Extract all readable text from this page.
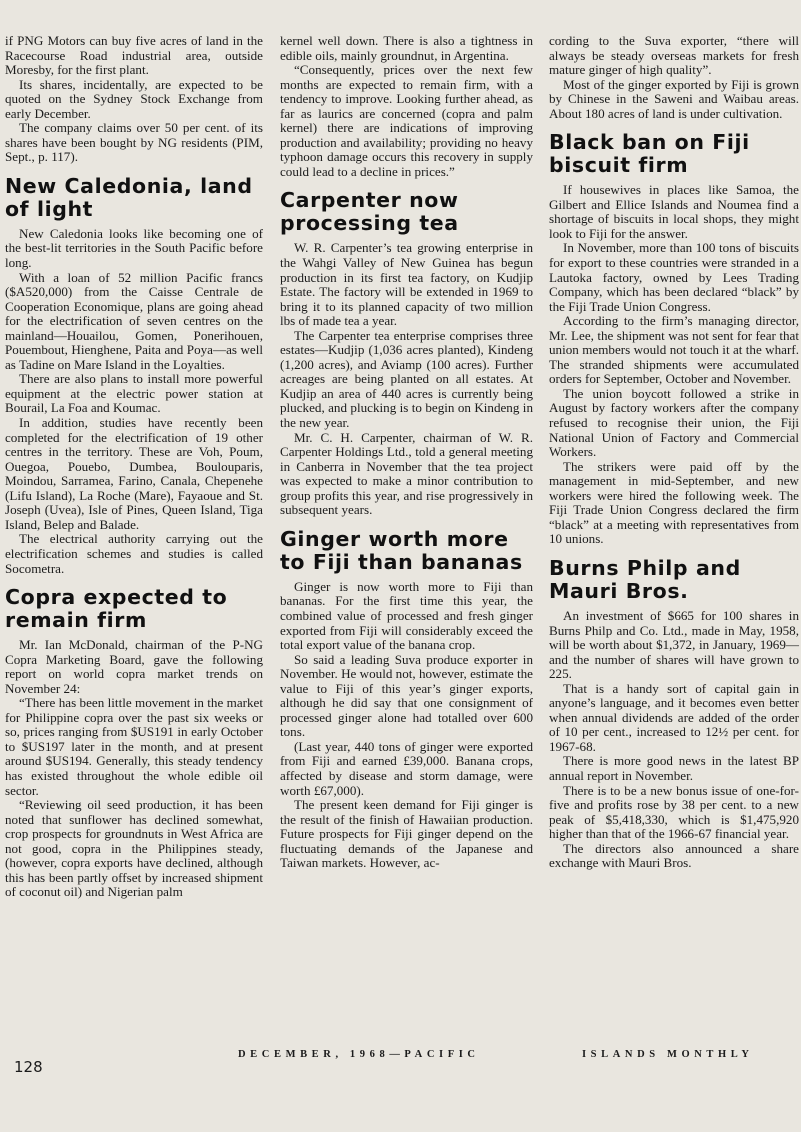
if PNG Motors can buy five acres of land in the Racecourse Road industrial area, outside Moresby, for the first plant.

Its shares, incidentally, are expected to be quoted on the Sydney Stock Exchange from early December.

The company claims over 50 per cent. of its shares have been bought by NG residents (PIM, Sept., p. 117).

New Caledonia, land of light

New Caledonia looks like becoming one of the best-lit territories in the South Pacific before long.

With a loan of 52 million Pacific francs ($A520,000) from the Caisse Centrale de Cooperation Economique, plans are going ahead for the electrification of seven centres on the mainland—Houailou, Gomen, Ponerihouen, Pouembout, Hienghene, Paita and Poya—as well as Tadine on Mare Island in the Loyalties.

There are also plans to install more powerful equipment at the electric power station at Bourail, La Foa and Koumac.

In addition, studies have recently been completed for the electrification of 19 other centres in the territory. These are Voh, Poum, Ouegoa, Pouebo, Dumbea, Boulouparis, Moindou, Sarramea, Farino, Canala, Chepenehe (Lifu Island), La Roche (Mare), Fayaoue and St. Joseph (Uvea), Isle of Pines, Queen Island, Tiga Island, Belep and Balade.

The electrical authority carrying out the electrification schemes and studies is called Socometra.

Copra expected to remain firm

Mr. Ian McDonald, chairman of the P-NG Copra Marketing Board, gave the following report on world copra market trends on November 24:

“There has been little movement in the market for Philippine copra over the past six weeks or so, prices ranging from $US191 in early October to $US197 later in the month, and at present around $US194. Generally, this steady tendency has existed throughout the whole edible oil sector.

“Reviewing oil seed production, it has been noted that sunflower has declined somewhat, crop prospects for groundnuts in West Africa are not good, copra in the Philippines steady, (however, copra exports have declined, although this has been partly offset by increased shipment of coconut oil) and Nigerian palm

kernel well down. There is also a tightness in edible oils, mainly groundnut, in Argentina.

“Consequently, prices over the next few months are expected to remain firm, with a tendency to improve. Looking further ahead, as far as laurics are concerned (copra and palm kernel) there are indications of improving production and availability; providing no heavy typhoon damage occurs this recovery in supply could lead to a decline in prices.”

Carpenter now processing tea

W. R. Carpenter’s tea growing enterprise in the Wahgi Valley of New Guinea has begun production in its first tea factory, on Kudjip Estate. The factory will be extended in 1969 to bring it to its planned capacity of two million lbs of made tea a year.

The Carpenter tea enterprise comprises three estates—Kudjip (1,036 acres planted), Kindeng (1,200 acres), and Aviamp (100 acres). Further acreages are being planted on all estates. At Kudjip an area of 440 acres is currently being plucked, and plucking is to begin on Kindeng in the new year.

Mr. C. H. Carpenter, chairman of W. R. Carpenter Holdings Ltd., told a general meeting in Canberra in November that the tea project was expected to make a minor contribution to group profits this year, and rise progressively in subsequent years.

Ginger worth more to Fiji than bananas

Ginger is now worth more to Fiji than bananas. For the first time this year, the combined value of processed and fresh ginger exported from Fiji will considerably exceed the total export value of the banana crop.

So said a leading Suva produce exporter in November. He would not, however, estimate the value to Fiji of this year’s ginger exports, although he did say that one consignment of processed ginger alone had totalled over 600 tons.

(Last year, 440 tons of ginger were exported from Fiji and earned £39,000. Banana crops, affected by disease and storm damage, were worth £67,000).

The present keen demand for Fiji ginger is the result of the finish of Hawaiian production. Future prospects for Fiji ginger depend on the fluctuating demands of the Japanese and Taiwan markets. However, ac-

cording to the Suva exporter, “there will always be steady overseas markets for fresh mature ginger of high quality”.

Most of the ginger exported by Fiji is grown by Chinese in the Saweni and Waibau areas. About 180 acres of land is under cultivation.

Black ban on Fiji biscuit firm

If housewives in places like Samoa, the Gilbert and Ellice Islands and Noumea find a shortage of biscuits in local shops, they might look to Fiji for the answer.

In November, more than 100 tons of biscuits for export to these countries were stranded in a Lautoka factory, owned by Lees Trading Company, which has been declared “black” by the Fiji Trade Union Congress.

According to the firm’s managing director, Mr. Lee, the shipment was not sent for fear that union members would not touch it at the wharf. The stranded shipments were accumulated orders for September, October and November.

The union boycott followed a strike in August by factory workers after the company refused to recognise their union, the Fiji National Union of Factory and Commercial Workers.

The strikers were paid off by the management in mid-September, and new workers were hired the following week. The Fiji Trade Union Congress declared the firm “black” at a meeting with representatives from 10 unions.

Burns Philp and Mauri Bros.

An investment of $665 for 100 shares in Burns Philp and Co. Ltd., made in May, 1958, will be worth about $1,372, in January, 1969—and the number of shares will have grown to 225.

That is a handy sort of capital gain in anyone’s language, and it becomes even better when annual dividends are added of the order of 10 per cent., increased to 12½ per cent. for 1967-68.

There is more good news in the latest BP annual report in November.

There is to be a new bonus issue of one-for-five and profits rose by 38 per cent. to a new peak of $5,418,330, which is $1,475,920 higher than that of the 1966-67 financial year.

The directors also announced a share exchange with Mauri Bros.

128
DECEMBER, 1968—PACIFIC	ISLANDS MONTHLY
